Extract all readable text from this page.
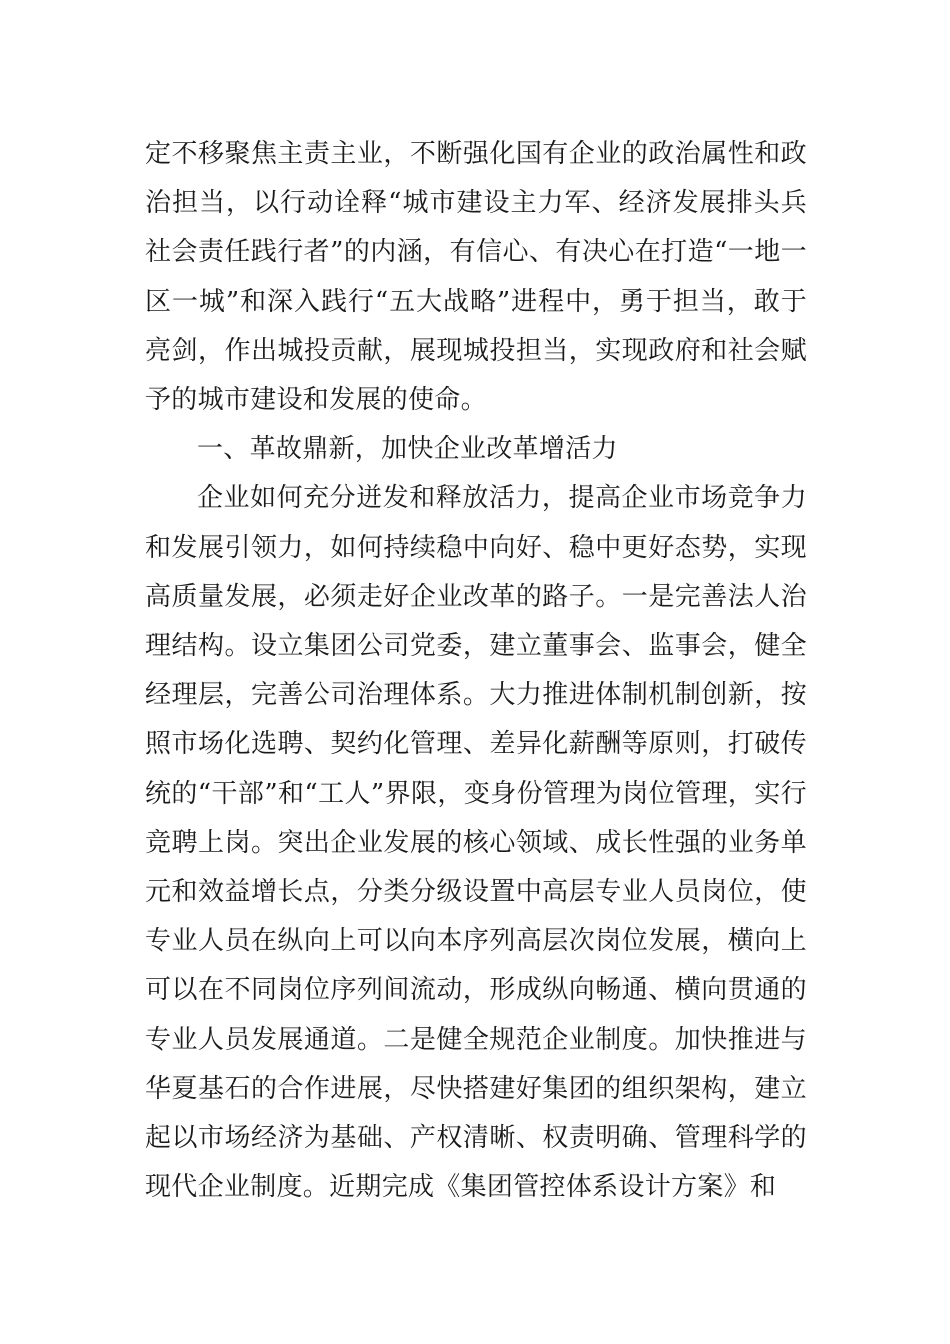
定不移聚焦主责主业，不断强化国有企业的政治属性和政治担当，以行动诠释“城市建设主力军、经济发展排头兵社会责任践行者”的内涵，有信心、有决心在打造“一地一区一城”和深入践行“五大战略”进程中，勇于担当，敢于亮剑，作出城投贡献，展现城投担当，实现政府和社会赋予的城市建设和发展的使命。

一、革故鼎新，加快企业改革增活力

企业如何充分迸发和释放活力，提高企业市场竞争力和发展引领力，如何持续稳中向好、稳中更好态势，实现高质量发展，必须走好企业改革的路子。一是完善法人治理结构。设立集团公司党委，建立董事会、监事会，健全经理层，完善公司治理体系。大力推进体制机制创新，按照市场化选聘、契约化管理、差异化薪酬等原则，打破传统的“干部”和“工人”界限，变身份管理为岗位管理，实行竞聘上岗。突出企业发展的核心领域、成长性强的业务单元和效益增长点，分类分级设置中高层专业人员岗位，使专业人员在纵向上可以向本序列高层次岗位发展，横向上可以在不同岗位序列间流动，形成纵向畅通、横向贯通的专业人员发展通道。二是健全规范企业制度。加快推进与华夏基石的合作进展，尽快搭建好集团的组织架构，建立起以市场经济为基础、产权清晰、权责明确、管理科学的现代企业制度。近期完成《集团管控体系设计方案》和
